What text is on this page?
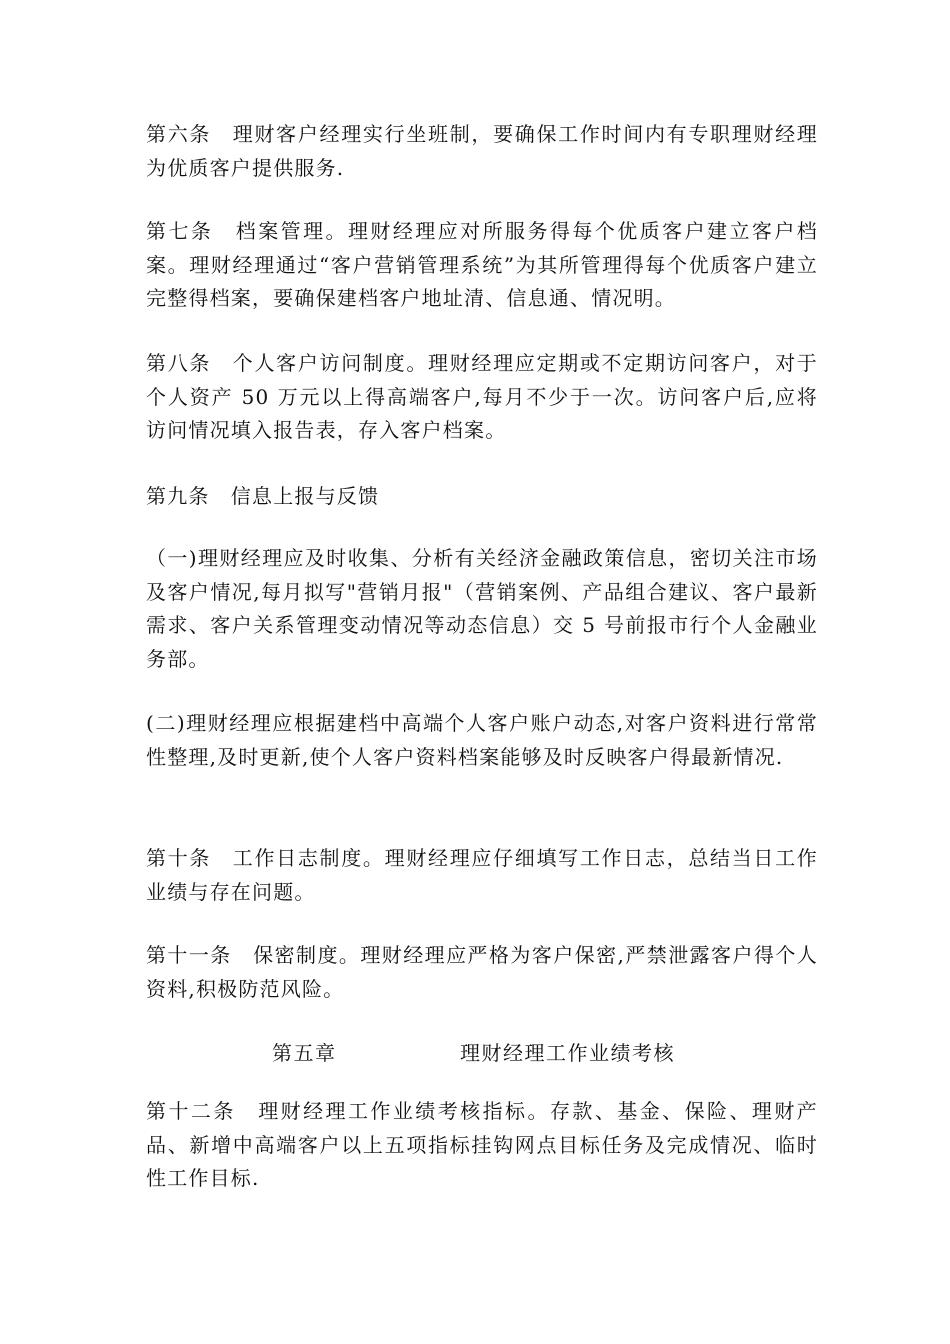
第六条　理财客户经理实行坐班制，要确保工作时间内有专职理财经理为优质客户提供服务.

第七条　档案管理。理财经理应对所服务得每个优质客户建立客户档案。理财经理通过“客户营销管理系统”为其所管理得每个优质客户建立完整得档案，要确保建档客户地址清、信息通、情况明。

第八条　个人客户访问制度。理财经理应定期或不定期访问客户，对于个人资产 50 万元以上得高端客户,每月不少于一次。访问客户后,应将访问情况填入报告表，存入客户档案。

第九条　信息上报与反馈

（一)理财经理应及时收集、分析有关经济金融政策信息，密切关注市场及客户情况,每月拟写"营销月报"（营销案例、产品组合建议、客户最新需求、客户关系管理变动情况等动态信息）交 5 号前报市行个人金融业务部。

(二)理财经理应根据建档中高端个人客户账户动态,对客户资料进行常常性整理,及时更新,使个人客户资料档案能够及时反映客户得最新情况.

第十条　工作日志制度。理财经理应仔细填写工作日志，总结当日工作业绩与存在问题。

第十一条　保密制度。理财经理应严格为客户保密,严禁泄露客户得个人资料,积极防范风险。

第五章	理财经理工作业绩考核

第十二条　理财经理工作业绩考核指标。存款、基金、保险、理财产品、新增中高端客户以上五项指标挂钩网点目标任务及完成情况、临时性工作目标.
